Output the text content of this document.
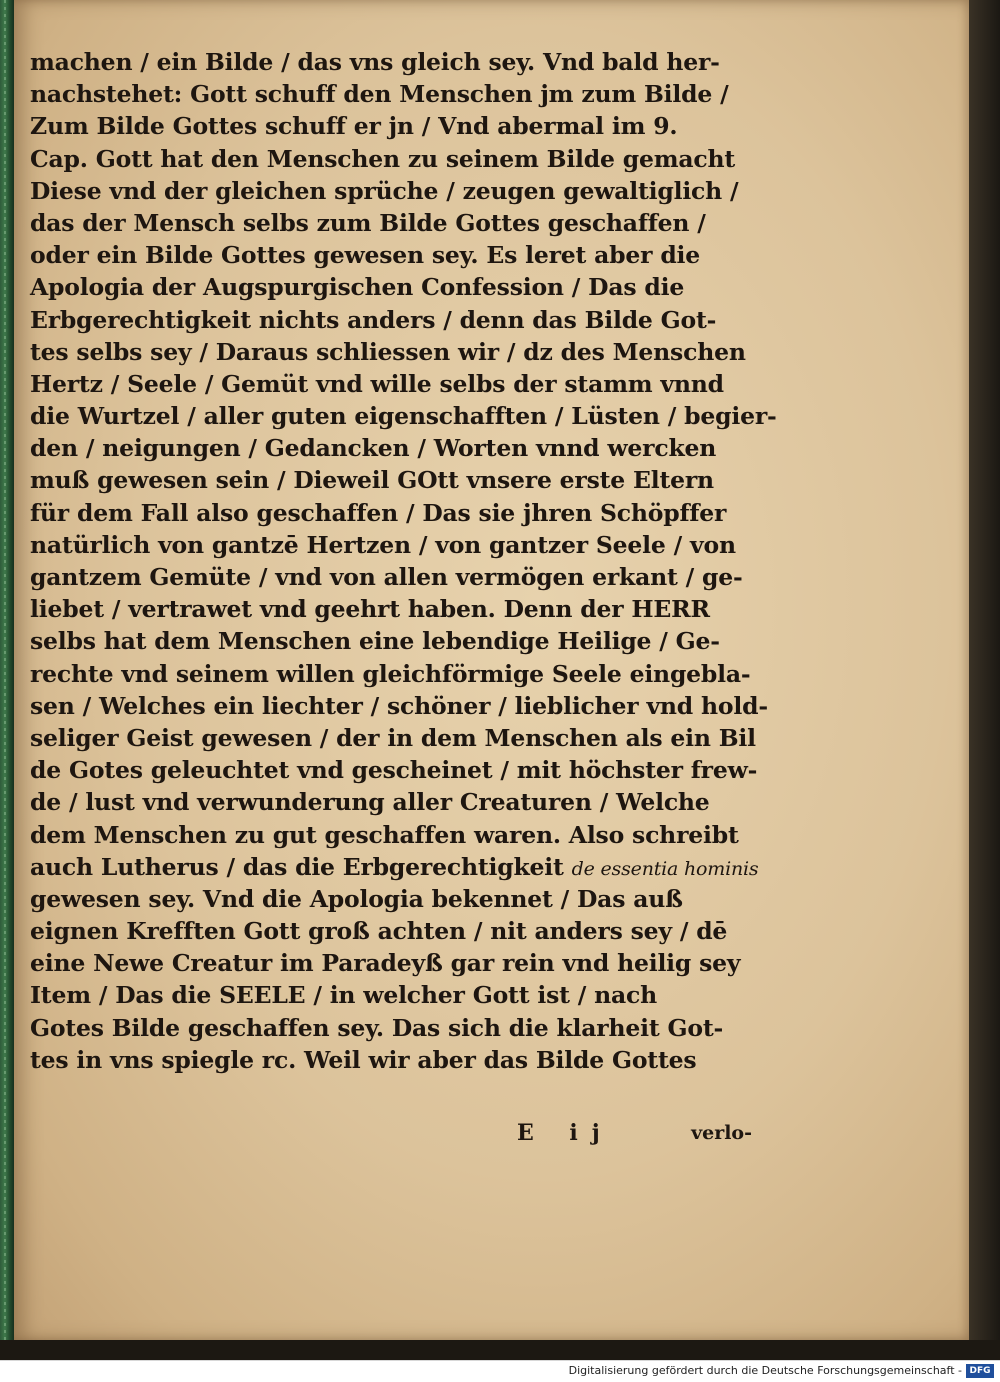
machen / ein Bilde / das vns gleich sey. Vnd bald her-
nachstehet: Gott schuff den Menschen jm zum Bilde /
Zum Bilde Gottes schuff er jn / Vnd abermal im 9.
Cap. Gott hat den Menschen zu seinem Bilde gemacht
Diese vnd der gleichen sprüche / zeugen gewaltiglich /
das der Mensch selbs zum Bilde Gottes geschaffen /
oder ein Bilde Gottes gewesen sey. Es leret aber die
Apologia der Augspurgischen Confession / Das die
Erbgerechtigkeit nichts anders / denn das Bilde Got-
tes selbs sey / Daraus schliessen wir / dz des Menschen
Hertz / Seele / Gemüt vnd wille selbs der stamm vnnd
die Wurtzel / aller guten eigenschafften / Lüsten / begier-
den / neigungen / Gedancken / Worten vnnd wercken
muß gewesen sein / Dieweil GOtt vnsere erste Eltern
für dem Fall also geschaffen / Das sie jhren Schöpffer
natürlich von gantzē Hertzen / von gantzer Seele / von
gantzem Gemüte / vnd von allen vermögen erkant / ge-
liebet / vertrawet vnd geehrt haben. Denn der HERR
selbs hat dem Menschen eine lebendige Heilige / Ge-
rechte vnd seinem willen gleichförmige Seele eingebla-
sen / Welches ein liechter / schöner / lieblicher vnd hold-
seliger Geist gewesen / der in dem Menschen als ein Bil
de Gotes geleuchtet vnd gescheinet / mit höchster frew-
de / lust vnd verwunderung aller Creaturen / Welche
dem Menschen zu gut geschaffen waren. Also schreibt
auch Lutherus / das die Erbgerechtigkeit de essentia hominis
gewesen sey. Vnd die Apologia bekennet / Das auß
eignen Krefften Gott groß achten / nit anders sey / dē
eine Newe Creatur im Paradeyß gar rein vnd heilig sey
Item / Das die SEELE / in welcher Gott ist / nach
Gotes Bilde geschaffen sey. Das sich die klarheit Got-
tes in vns spiegle rc. Weil wir aber das Bilde Gottes
E ij	verlo-
Digitalisierung gefördert durch die Deutsche Forschungsgemeinschaft - DFG
